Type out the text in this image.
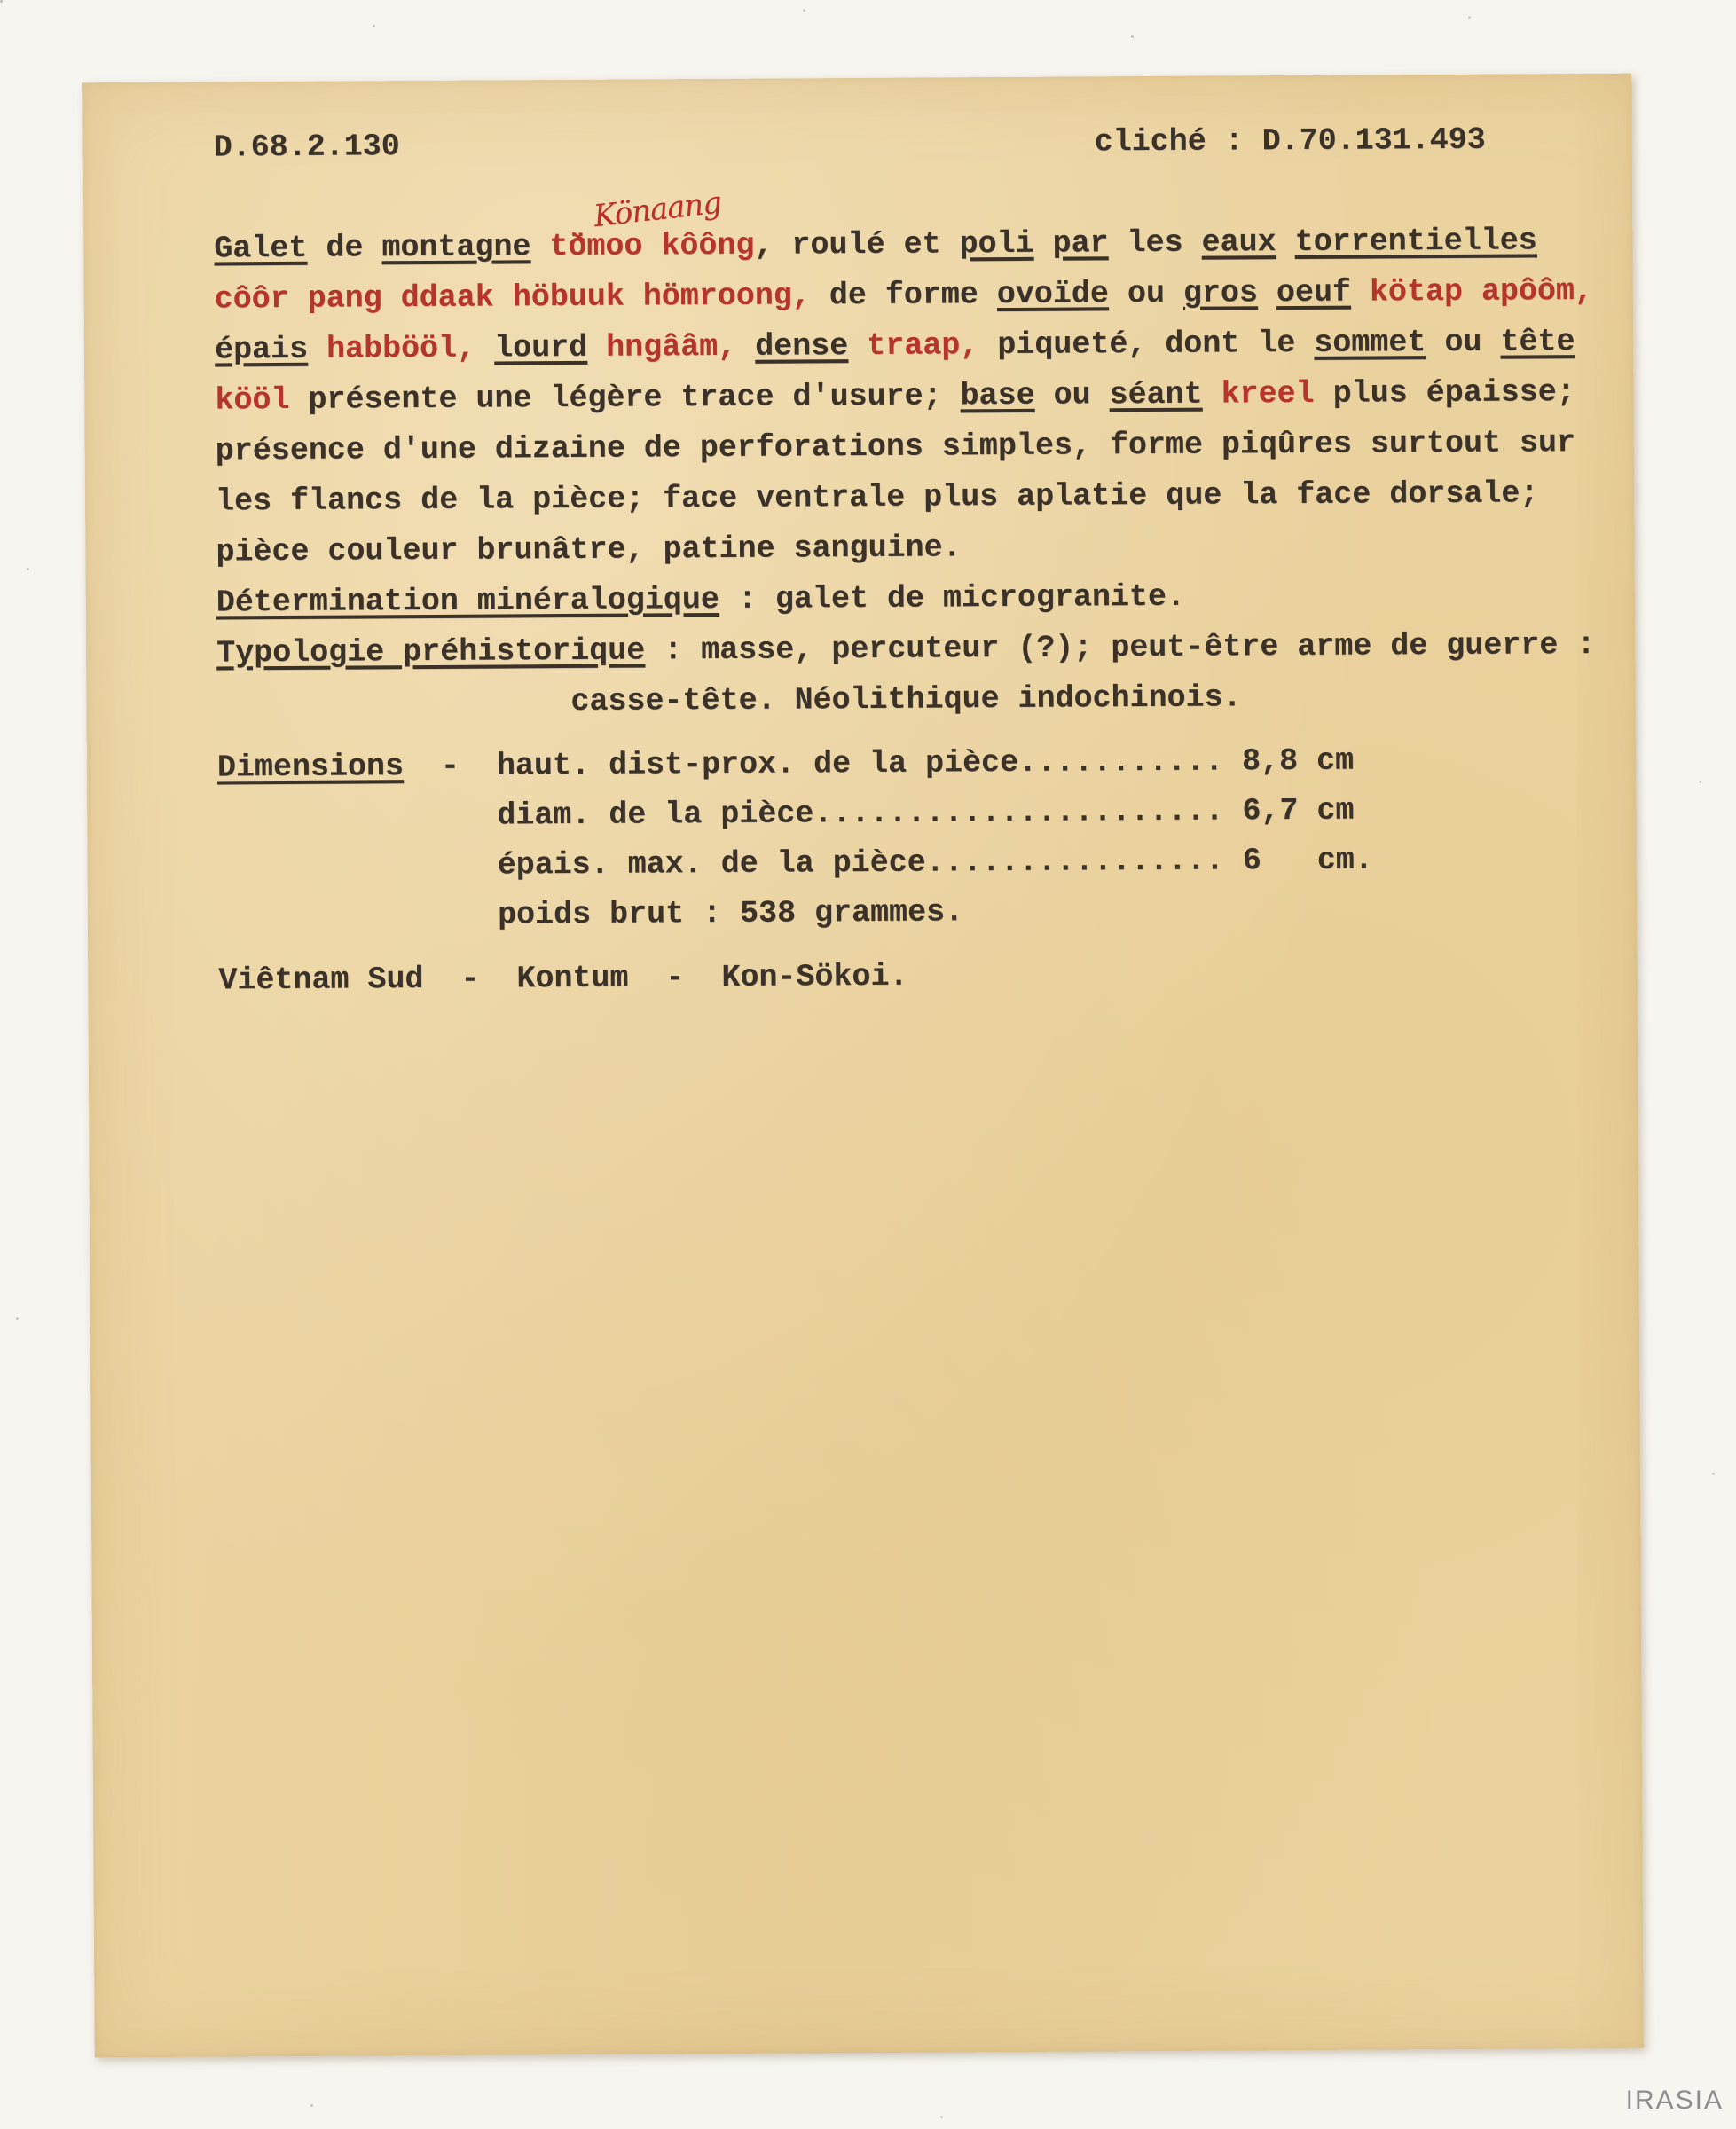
D.68.2.130	cliché : D.70.131.493
Könaang
Galet de montagne tömoo kôông, roulé et poli par les eaux torrentielles
côôr pang ddaak höbuuk hömroong, de forme ovoïde ou gros oeuf kötap apôôm,
épais habbööl, lourd hngââm, dense traap, piqueté, dont le sommet ou tête
kööl présente une légère trace d'usure; base ou séant kreel plus épaisse;
présence d'une dizaine de perforations simples, forme piqûres surtout sur
les flancs de la pièce; face ventrale plus aplatie que la face dorsale;
pièce couleur brunâtre, patine sanguine.
Détermination minéralogique : galet de microgranite.
Typologie préhistorique : masse, percuteur (?); peut-être arme de guerre :
casse-tête. Néolithique indochinois.
Dimensions  -  haut. dist-prox. de la pièce........... 8,8 cm
diam. de la pièce...................... 6,7 cm
épais. max. de la pièce................ 6   cm.
poids brut : 538 grammes.
Viêtnam Sud  -  Kontum  -  Kon-Sökoi.
IRASIA
